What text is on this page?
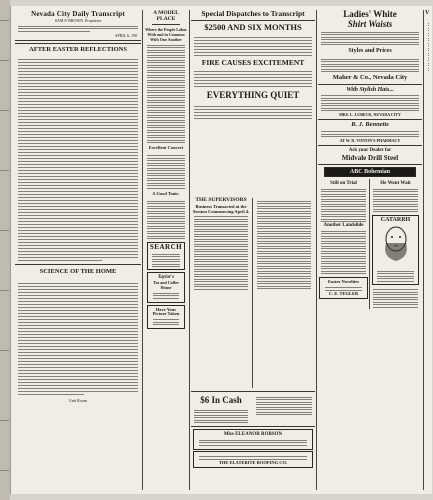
Nevada City Daily Transcript
SAM P. BROWN, Proprietor
APRIL 6, 190
AFTER EASTER REFLECTIONS
SCIENCE OF THE HOME
Unit Room
A MODEL PLACE
Where the People Labor With and in Common With One Another
Excellent Concert
A Good Tonic.
SEARCH
Taylor's
Tea and Coffee House
Have Your Picture Taken
Special Dispatches to Transcript
$2500 AND SIX MONTHS
FIRE CAUSES EXCITEMENT
EVERYTHING QUIET
THE SUPERVISORS
Business Transacted at the Session Commencing April 4.
$6 In Cash
Miss ELEANOR ROBSON
THE ELATERITE ROOFING CO.
Ladies' White
Shirt Waists
Styles and Prices
Maher & Co., Nevada City
With Stylish Hats...
MRS. L. LUBECK, NEVADA CITY
R. J. Bennetts
AT W. D. VINTON'S PHARMACY
Ask your Dealer for
Midvale Drill Steel
ABC Bohemian
Still on Trial
Another Landslide
Easter Novelties
C. E. TEGLER
He Wont Wait
CATARRH
V
